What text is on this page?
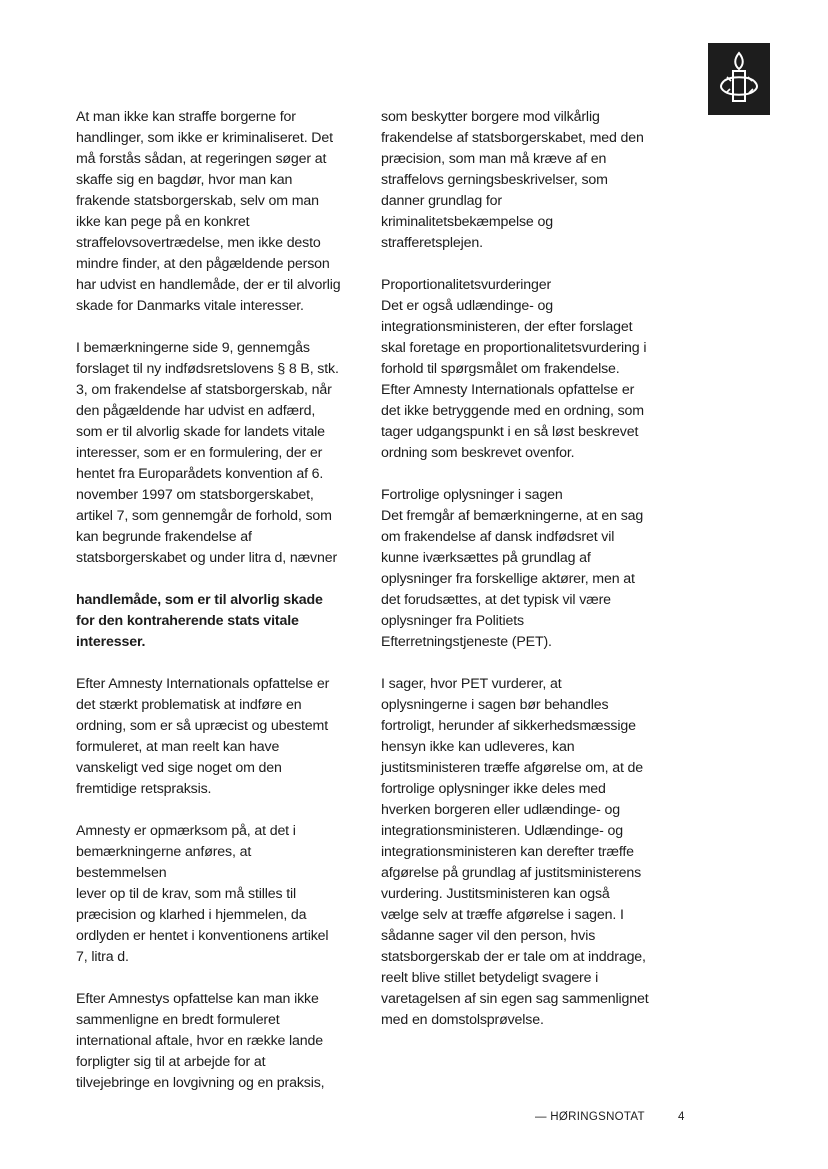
At man ikke kan straffe borgerne for
handlinger, som ikke er kriminaliseret. Det
må forstås sådan, at regeringen søger at
skaffe sig en bagdør, hvor man kan
frakende statsborgerskab, selv om man
ikke kan pege på en konkret
straffelovsovertrædelse, men ikke desto
mindre finder, at den pågældende person
har udvist en handlemåde, der er til alvorlig
skade for Danmarks vitale interesser.

I bemærkningerne side 9, gennemgås
forslaget til ny indfødsretslovens § 8 B, stk.
3, om frakendelse af statsborgerskab, når
den pågældende har udvist en adfærd,
som er til alvorlig skade for landets vitale
interesser, som er en formulering, der er
hentet fra Europarådets konvention af 6.
november 1997 om statsborgerskabet,
artikel 7, som gennemgår de forhold, som
kan begrunde frakendelse af
statsborgerskabet og under litra d, nævner

handlemåde, som er til alvorlig skade
for den kontraherende stats vitale
interesser.

Efter Amnesty Internationals opfattelse er
det stærkt problematisk at indføre en
ordning, som er så upræcist og ubestemt
formuleret, at man reelt kan have
vanskeligt ved sige noget om den
fremtidige retspraksis.

Amnesty er opmærksom på, at det i
bemærkningerne anføres, at bestemmelsen
lever op til de krav, som må stilles til
præcision og klarhed i hjemmelen, da
ordlyden er hentet i konventionens artikel
7, litra d.

Efter Amnestys opfattelse kan man ikke
sammenligne en bredt formuleret
international aftale, hvor en række lande
forpligter sig til at arbejde for at
tilvejebringe en lovgivning og en praksis,

som beskytter borgere mod vilkårlig
frakendelse af statsborgerskabet, med den
præcision, som man må kræve af en
straffelovs gerningsbeskrivelser, som
danner grundlag for
kriminalitetsbekæmpelse og
strafferetsplejen.

Proportionalitetsvurderinger

Det er også udlændinge- og
integrationsministeren, der efter forslaget
skal foretage en proportionalitetsvurdering i
forhold til spørgsmålet om frakendelse.
Efter Amnesty Internationals opfattelse er
det ikke betryggende med en ordning, som
tager udgangspunkt i en så løst beskrevet
ordning som beskrevet ovenfor.

Fortrolige oplysninger i sagen

Det fremgår af bemærkningerne, at en sag
om frakendelse af dansk indfødsret vil
kunne iværksættes på grundlag af
oplysninger fra forskellige aktører, men at
det forudsættes, at det typisk vil være
oplysninger fra Politiets
Efterretningstjeneste (PET).

I sager, hvor PET vurderer, at
oplysningerne i sagen bør behandles
fortroligt, herunder af sikkerhedsmæssige
hensyn ikke kan udleveres, kan
justitsministeren træffe afgørelse om, at de
fortrolige oplysninger ikke deles med
hverken borgeren eller udlændinge- og
integrationsministeren. Udlændinge- og
integrationsministeren kan derefter træffe
afgørelse på grundlag af justitsministerens
vurdering. Justitsministeren kan også
vælge selv at træffe afgørelse i sagen. I
sådanne sager vil den person, hvis
statsborgerskab der er tale om at inddrage,
reelt blive stillet betydeligt svagere i
varetagelsen af sin egen sag sammenlignet
med en domstolsprøvelse.

— HØRINGSNOTAT	4
